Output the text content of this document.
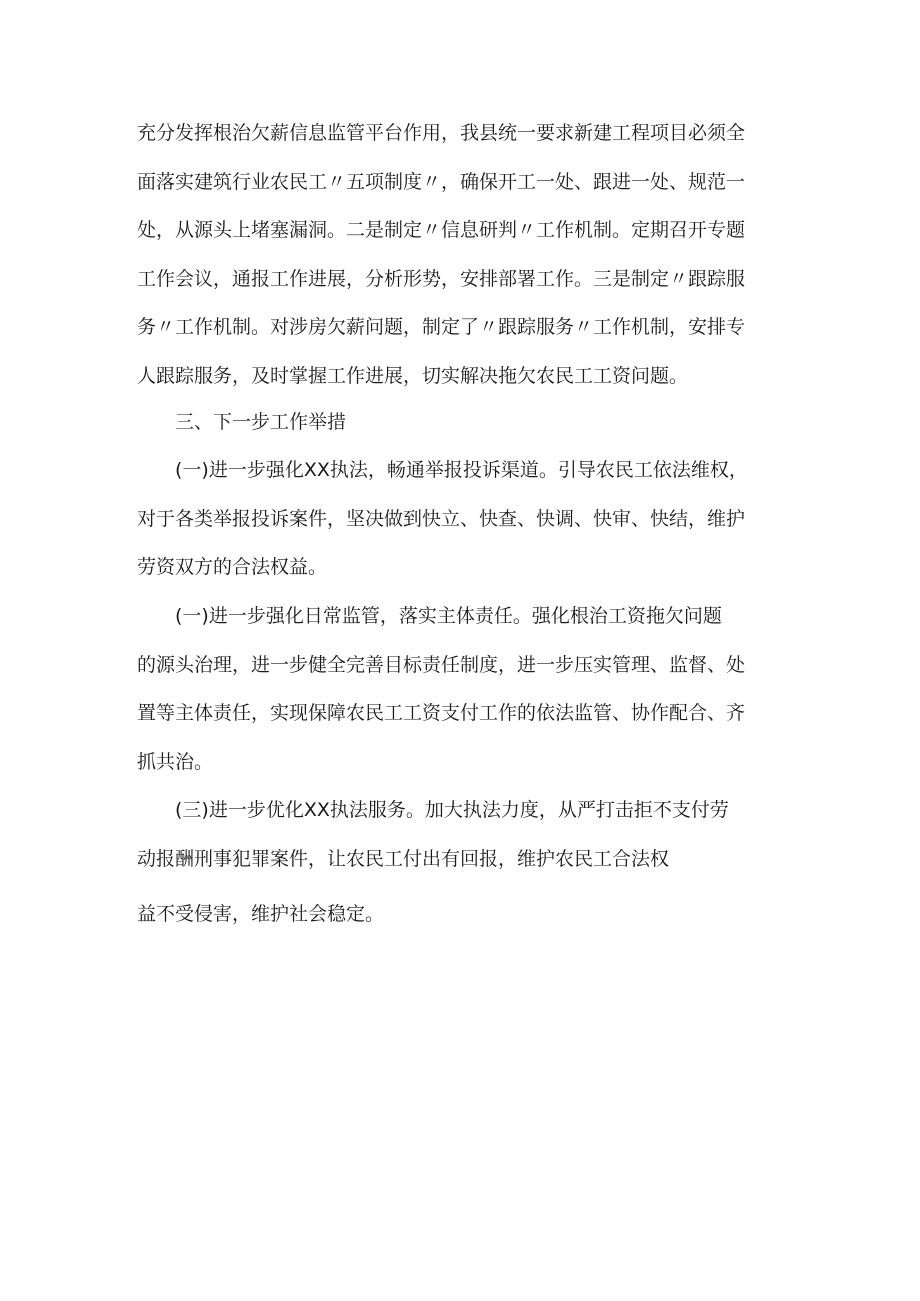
充分发挥根治欠薪信息监管平台作用，我县统一要求新建工程项目必须全
面落实建筑行业农民工〃五项制度〃，确保开工一处、跟进一处、规范一
处，从源头上堵塞漏洞。二是制定〃信息研判〃工作机制。定期召开专题
工作会议，通报工作进展，分析形势，安排部署工作。三是制定〃跟踪服
务〃工作机制。对涉房欠薪问题，制定了〃跟踪服务〃工作机制，安排专
人跟踪服务，及时掌握工作进展，切实解决拖欠农民工工资问题。
三、下一步工作举措
(一)进一步强化XX执法，畅通举报投诉渠道。引导农民工依法维权，
对于各类举报投诉案件，坚决做到快立、快查、快调、快审、快结，维护
劳资双方的合法权益。
(一)进一步强化日常监管，落实主体责任。强化根治工资拖欠问题
的源头治理，进一步健全完善目标责任制度，进一步压实管理、监督、处
置等主体责任，实现保障农民工工资支付工作的依法监管、协作配合、齐
抓共治。
(三)进一步优化XX执法服务。加大执法力度，从严打击拒不支付劳
动报酬刑事犯罪案件，让农民工付出有回报，维护农民工合法权
益不受侵害，维护社会稳定。
